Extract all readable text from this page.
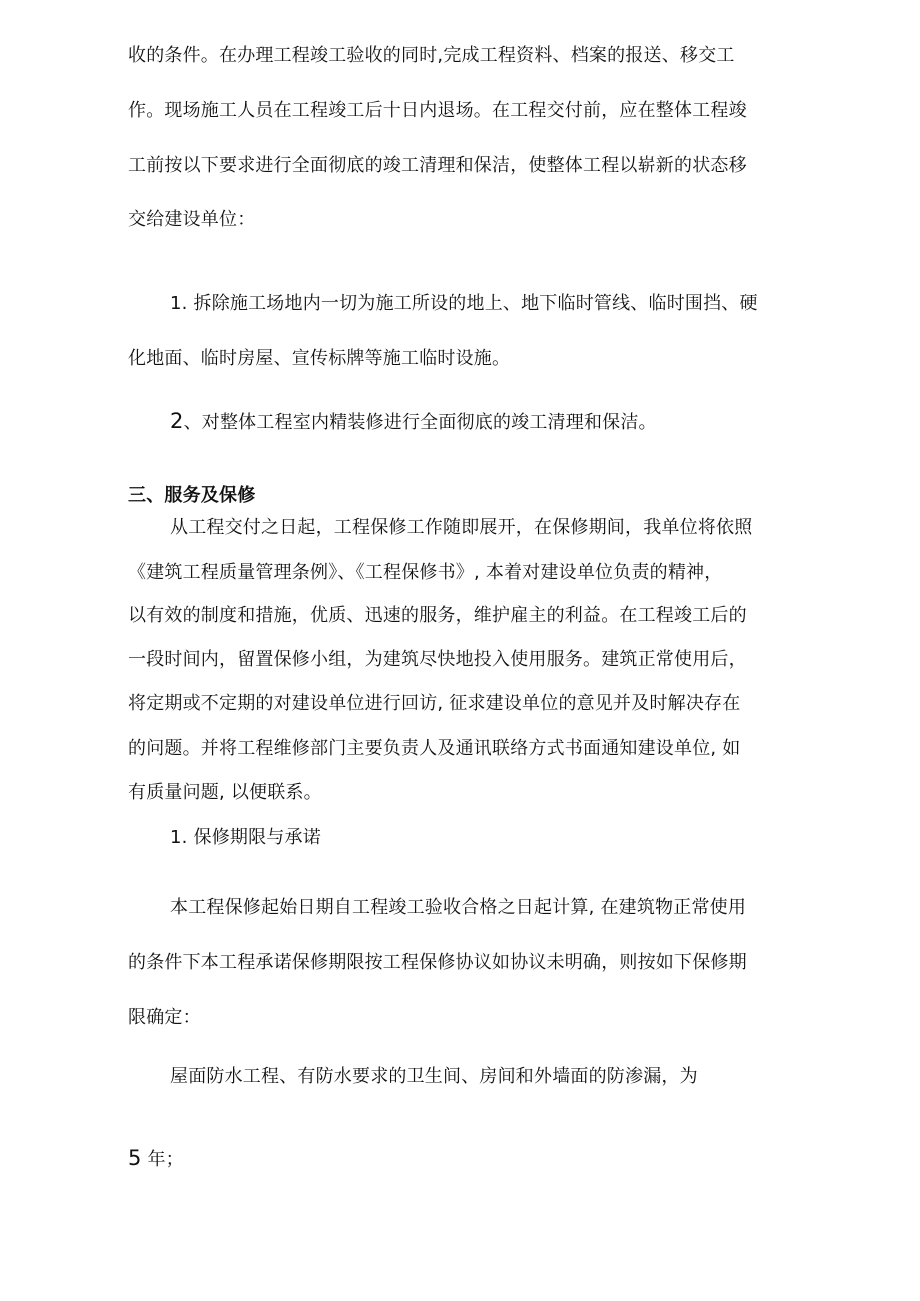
收的条件。在办理工程竣工验收的同时,完成工程资料、档案的报送、移交工
作。现场施工人员在工程竣工后十日内退场。在工程交付前，应在整体工程竣
工前按以下要求进行全面彻底的竣工清理和保洁，使整体工程以崭新的状态移
交给建设单位：
1. 拆除施工场地内一切为施工所设的地上、地下临时管线、临时围挡、硬
化地面、临时房屋、宣传标牌等施工临时设施。
2、对整体工程室内精装修进行全面彻底的竣工清理和保洁。
三、服务及保修
从工程交付之日起，工程保修工作随即展开，在保修期间，我单位将依照
《建筑工程质量管理条例》、《工程保修书》, 本着对建设单位负责的精神，
以有效的制度和措施，优质、迅速的服务，维护雇主的利益。在工程竣工后的
一段时间内，留置保修小组，为建筑尽快地投入使用服务。建筑正常使用后，
将定期或不定期的对建设单位进行回访, 征求建设单位的意见并及时解决存在
的问题。并将工程维修部门主要负责人及通讯联络方式书面通知建设单位, 如
有质量问题, 以便联系。
1. 保修期限与承诺
本工程保修起始日期自工程竣工验收合格之日起计算, 在建筑物正常使用
的条件下本工程承诺保修期限按工程保修协议如协议未明确，则按如下保修期
限确定：
屋面防水工程、有防水要求的卫生间、房间和外墙面的防渗漏，为
5 年；
